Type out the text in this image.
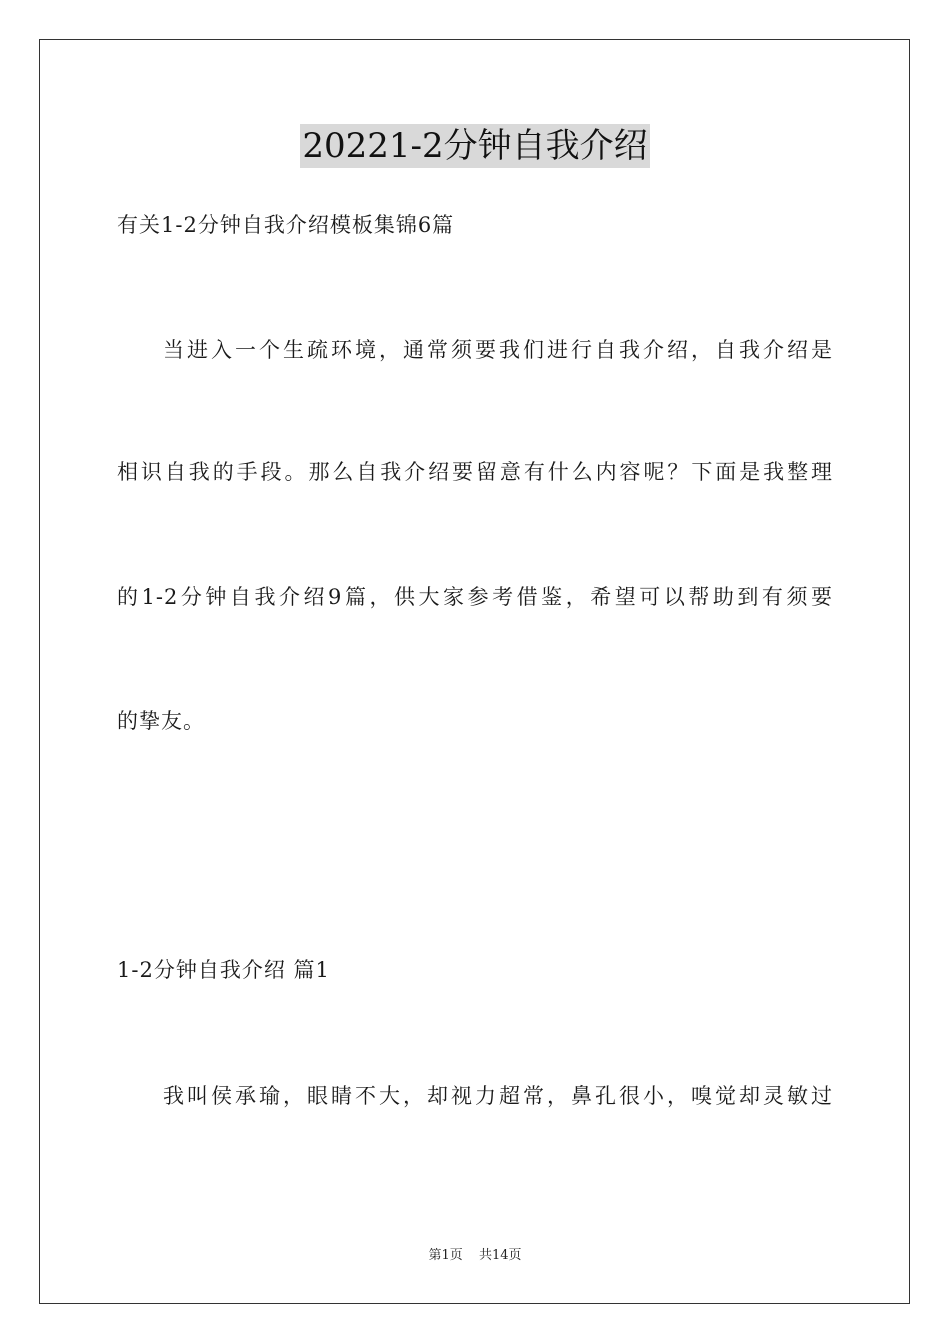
20221-2分钟自我介绍
有关1-2分钟自我介绍模板集锦6篇
当进入一个生疏环境，通常须要我们进行自我介绍，自我介绍是
相识自我的手段。那么自我介绍要留意有什么内容呢？下面是我整理
的1-2分钟自我介绍9篇，供大家参考借鉴，希望可以帮助到有须要
的挚友。
1-2分钟自我介绍 篇1
我叫侯承瑜，眼睛不大，却视力超常，鼻孔很小，嗅觉却灵敏过
第1页 共14页
